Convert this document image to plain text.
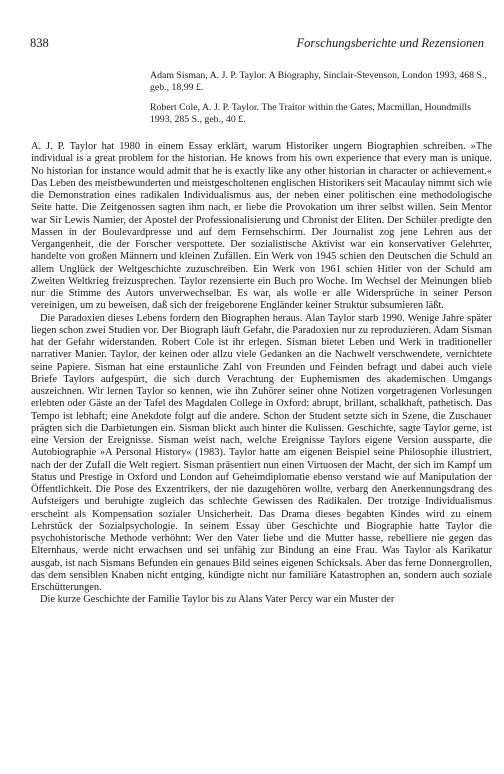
838	Forschungsberichte und Rezensionen

Adam Sisman, A. J. P. Taylor. A Biography, Sinclair-Stevenson, London 1993, 468 S., geb., 18,99 £.

Robert Cole, A. J. P. Taylor. The Traitor within the Gates, Macmillan, Houndmills 1993, 285 S., geb., 40 £.

A. J. P. Taylor hat 1980 in einem Essay erklärt, warum Historiker ungern Biographien schreiben. »The individual is a great problem for the historian. He knows from his own experience that every man is unique. No historian for instance would admit that he is exactly like any other historian in character or achievement.« Das Leben des meistbewunderten und meistgescholtenen englischen Historikers seit Macaulay nimmt sich wie die Demonstration eines radikalen Individualismus aus, der neben einer politischen eine methodologische Seite hatte. Die Zeitgenossen sagten ihm nach, er liebe die Provokation um ihrer selbst willen. Sein Mentor war Sir Lewis Namier, der Apostel der Professionalisierung und Chronist der Eliten. Der Schüler predigte den Massen in der Boulevardpresse und auf dem Fernsehschirm. Der Journalist zog jene Lehren aus der Vergangenheit, die der Forscher verspottete. Der sozialistische Aktivist war ein konservativer Gelehrter, handelte von großen Männern und kleinen Zufällen. Ein Werk von 1945 schien den Deutschen die Schuld an allem Unglück der Weltgeschichte zuzuschreiben. Ein Werk von 1961 schien Hitler von der Schuld am Zweiten Weltkrieg freizusprechen. Taylor rezensierte ein Buch pro Woche. Im Wechsel der Meinungen blieb nur die Stimme des Autors unverwechselbar. Es war, als wolle er alle Widersprüche in seiner Person vereinigen, um zu beweisen, daß sich der freigeborene Engländer keiner Struktur subsumieren läßt.

Die Paradoxien dieses Lebens fordern den Biographen heraus. Alan Taylor starb 1990. Wenige Jahre später liegen schon zwei Studien vor. Der Biograph läuft Gefahr, die Paradoxien nur zu reproduzieren. Adam Sisman hat der Gefahr widerstanden. Robert Cole ist ihr erlegen. Sisman bietet Leben und Werk in traditioneller narrativer Manier. Taylor, der keinen oder allzu viele Gedanken an die Nachwelt verschwendete, vernichtete seine Papiere. Sisman hat eine erstaunliche Zahl von Freunden und Feinden befragt und dabei auch viele Briefe Taylors aufgespürt, die sich durch Verachtung der Euphemismen des akademischen Umgangs auszeichnen. Wir lernen Taylor so kennen, wie ihn Zuhörer seiner ohne Notizen vorgetragenen Vorlesungen erlebten oder Gäste an der Tafel des Magdalen College in Oxford: abrupt, brillant, schalkhaft, pathetisch. Das Tempo ist lebhaft; eine Anekdote folgt auf die andere. Schon der Student setzte sich in Szene, die Zuschauer prägten sich die Darbietungen ein. Sisman blickt auch hinter die Kulissen. Geschichte, sagte Taylor gerne, ist eine Version der Ereignisse. Sisman weist nach, welche Ereignisse Taylors eigene Version aussparte, die Autobiographie »A Personal History« (1983). Taylor hatte am eigenen Beispiel seine Philosophie illustriert, nach der der Zufall die Welt regiert. Sisman präsentiert nun einen Virtuosen der Macht, der sich im Kampf um Status und Prestige in Oxford und London auf Geheimdiplomatie ebenso verstand wie auf Manipulation der Öffentlichkeit. Die Pose des Exzentrikers, der nie dazugehören wollte, verbarg den Anerkennungsdrang des Aufsteigers und beruhigte zugleich das schlechte Gewissen des Radikalen. Der trotzige Individualismus erscheint als Kompensation sozialer Unsicherheit. Das Drama dieses begabten Kindes wird zu einem Lehrstück der Sozialpsychologie. In seinem Essay über Geschichte und Biographie hatte Taylor die psychohistorische Methode verhöhnt: Wer den Vater liebe und die Mutter hasse, rebelliere nie gegen das Elternhaus, werde nicht erwachsen und sei unfähig zur Bindung an eine Frau. Was Taylor als Karikatur ausgab, ist nach Sismans Befunden ein genaues Bild seines eigenen Schicksals. Aber das ferne Donnergrollen, das dem sensiblen Knaben nicht entging, kündigte nicht nur familiäre Katastrophen an, sondern auch soziale Erschütterungen.

Die kurze Geschichte der Familie Taylor bis zu Alans Vater Percy war ein Muster der
